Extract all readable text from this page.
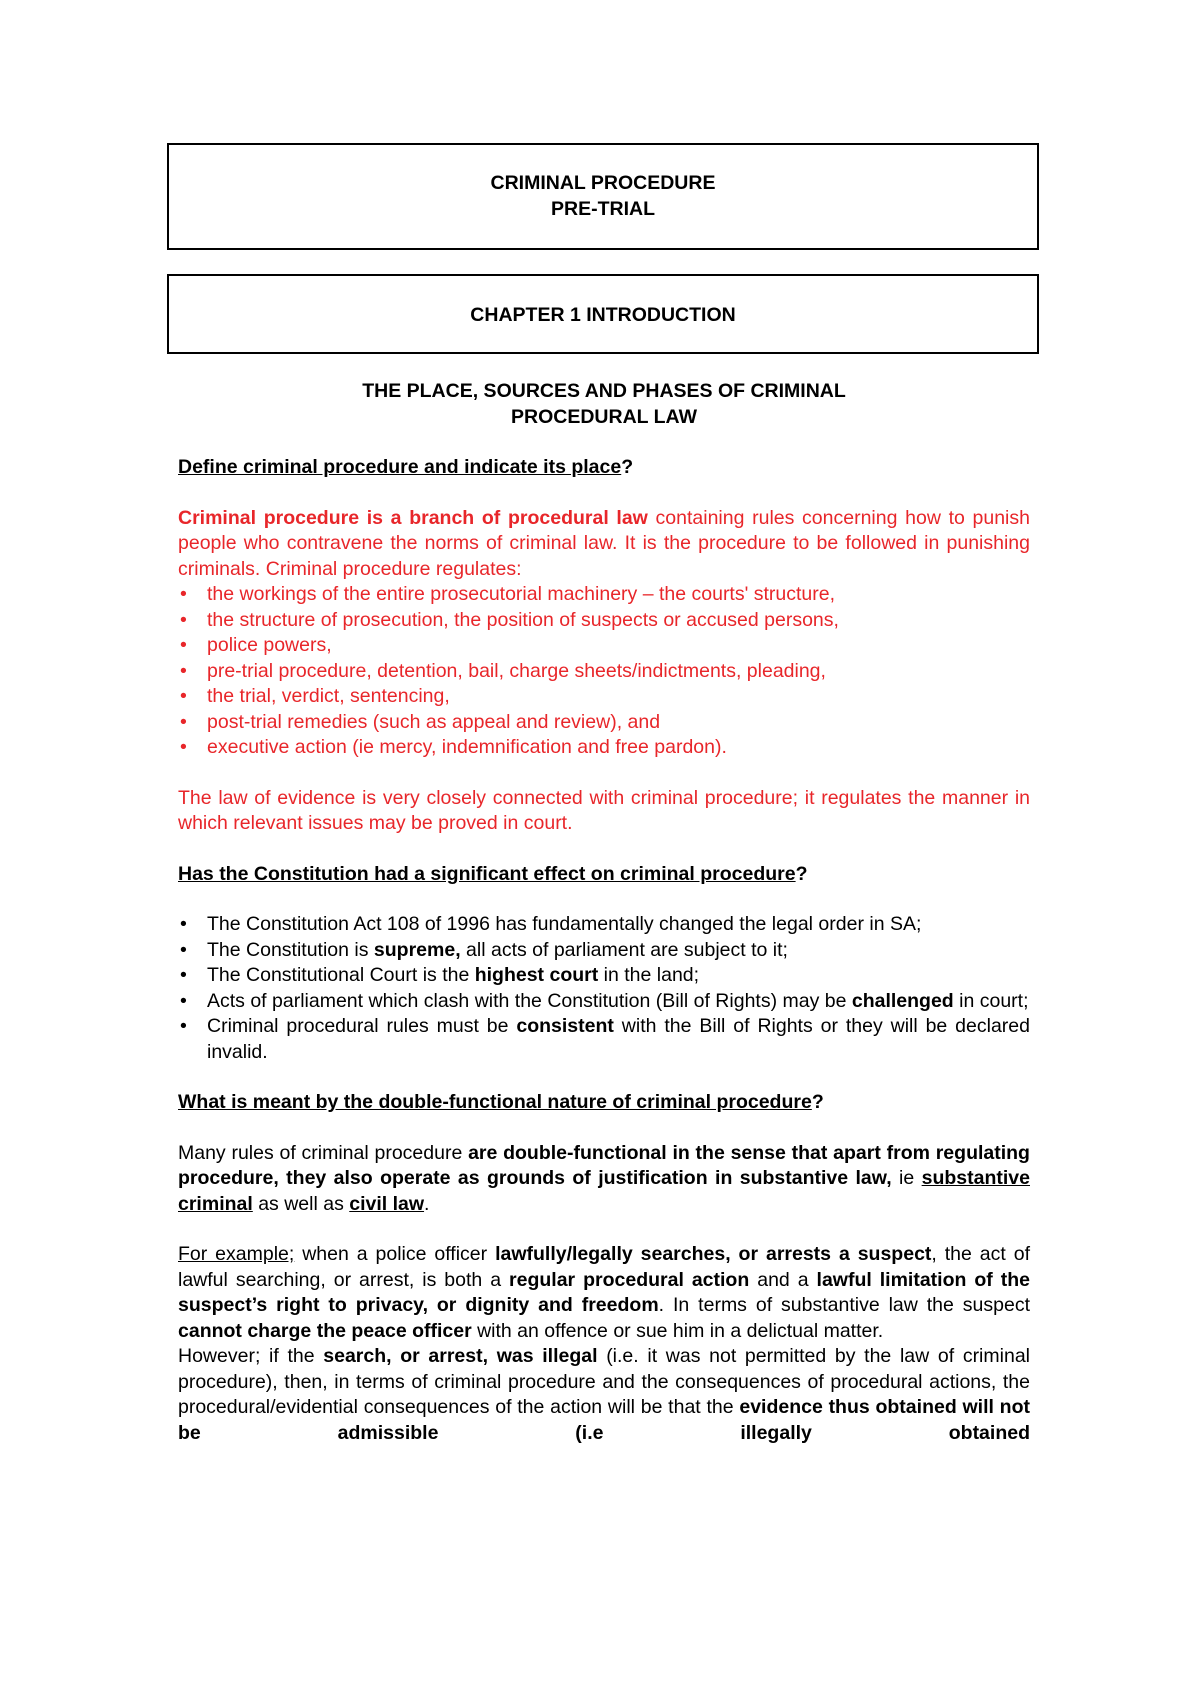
CRIMINAL PROCEDURE
PRE-TRIAL
CHAPTER 1 INTRODUCTION
THE PLACE, SOURCES AND PHASES OF CRIMINAL
PROCEDURAL LAW

Define criminal procedure and indicate its place?

Criminal procedure is a branch of procedural law containing rules concerning how to punish people who contravene the norms of criminal law. It is the procedure to be followed in punishing criminals. Criminal procedure regulates:

• the workings of the entire prosecutorial machinery – the courts' structure,
• the structure of prosecution, the position of suspects or accused persons,
• police powers,
• pre-trial procedure, detention, bail, charge sheets/indictments, pleading,
• the trial, verdict, sentencing,
• post-trial remedies (such as appeal and review), and
• executive action (ie mercy, indemnification and free pardon).

The law of evidence is very closely connected with criminal procedure; it regulates the manner in which relevant issues may be proved in court.

Has the Constitution had a significant effect on criminal procedure?

• The Constitution Act 108 of 1996 has fundamentally changed the legal order in SA;
• The Constitution is supreme, all acts of parliament are subject to it;
• The Constitutional Court is the highest court in the land;
• Acts of parliament which clash with the Constitution (Bill of Rights) may be challenged in court;
• Criminal procedural rules must be consistent with the Bill of Rights or they will be declared invalid.

What is meant by the double-functional nature of criminal procedure?

Many rules of criminal procedure are double-functional in the sense that apart from regulating procedure, they also operate as grounds of justification in substantive law, ie substantive criminal as well as civil law.

For example; when a police officer lawfully/legally searches, or arrests a suspect, the act of lawful searching, or arrest, is both a regular procedural action and a lawful limitation of the suspect’s right to privacy, or dignity and freedom. In terms of substantive law the suspect cannot charge the peace officer with an offence or sue him in a delictual matter.

However; if the search, or arrest, was illegal (i.e. it was not permitted by the law of criminal procedure), then, in terms of criminal procedure and the consequences of procedural actions, the procedural/evidential consequences of the action will be that the evidence thus obtained will not be admissible (i.e illegally obtained
